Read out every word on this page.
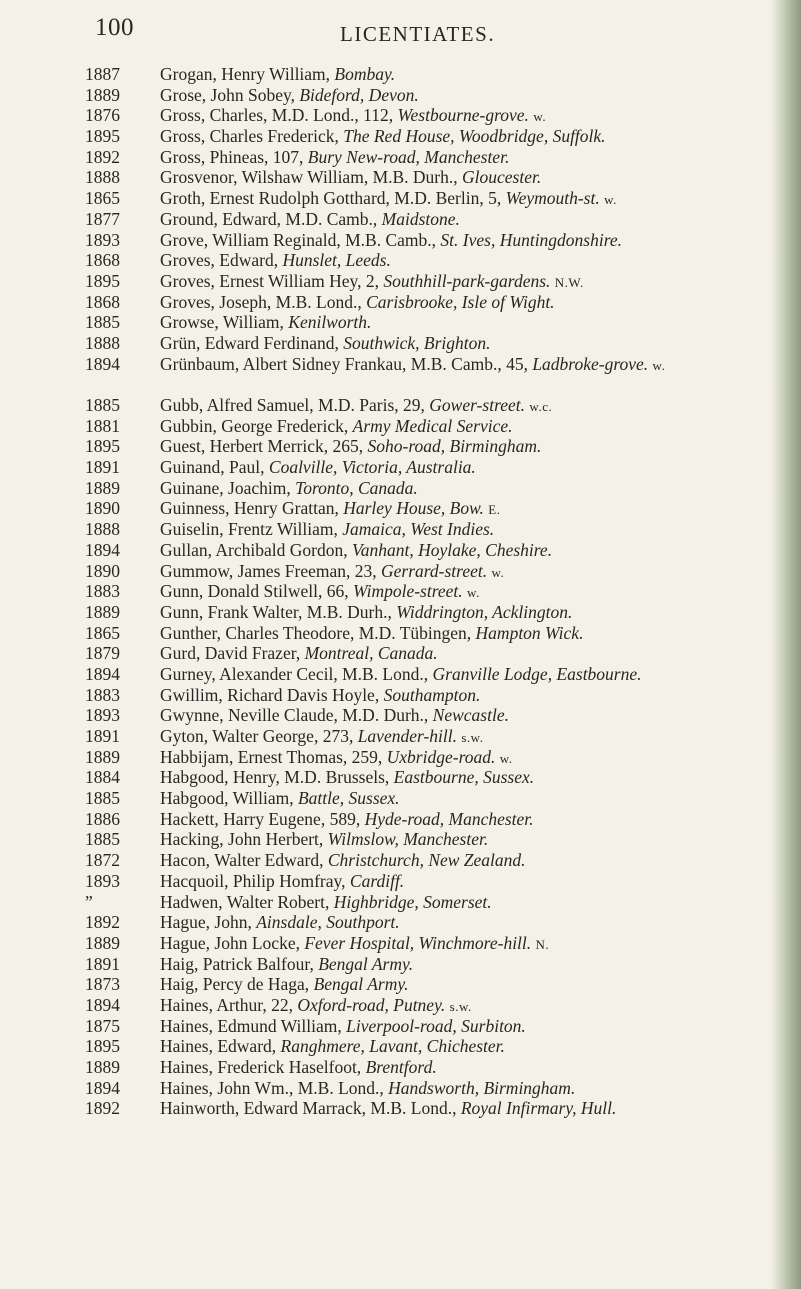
100	LICENTIATES.
1887	Grogan, Henry William, Bombay.
1889	Grose, John Sobey, Bideford, Devon.
1876	Gross, Charles, M.D. Lond., 112, Westbourne-grove. w.
1895	Gross, Charles Frederick, The Red House, Woodbridge, Suffolk.
1892	Gross, Phineas, 107, Bury New-road, Manchester.
1888	Grosvenor, Wilshaw William, M.B. Durh., Gloucester.
1865	Groth, Ernest Rudolph Gotthard, M.D. Berlin, 5, Weymouth-st. w.
1877	Ground, Edward, M.D. Camb., Maidstone.
1893	Grove, William Reginald, M.B. Camb., St. Ives, Huntingdonshire.
1868	Groves, Edward, Hunslet, Leeds.
1895	Groves, Ernest William Hey, 2, Southhill-park-gardens. N.W.
1868	Groves, Joseph, M.B. Lond., Carisbrooke, Isle of Wight.
1885	Growse, William, Kenilworth.
1888	Grün, Edward Ferdinand, Southwick, Brighton.
1894	Grünbaum, Albert Sidney Frankau, M.B. Camb., 45, Ladbroke-grove. w.
1885	Gubb, Alfred Samuel, M.D. Paris, 29, Gower-street. w.c.
1881	Gubbin, George Frederick, Army Medical Service.
1895	Guest, Herbert Merrick, 265, Soho-road, Birmingham.
1891	Guinand, Paul, Coalville, Victoria, Australia.
1889	Guinane, Joachim, Toronto, Canada.
1890	Guinness, Henry Grattan, Harley House, Bow. E.
1888	Guiselin, Frentz William, Jamaica, West Indies.
1894	Gullan, Archibald Gordon, Vanhant, Hoylake, Cheshire.
1890	Gummow, James Freeman, 23, Gerrard-street. w.
1883	Gunn, Donald Stilwell, 66, Wimpole-street. w.
1889	Gunn, Frank Walter, M.B. Durh., Widdrington, Acklington.
1865	Gunther, Charles Theodore, M.D. Tübingen, Hampton Wick.
1879	Gurd, David Frazer, Montreal, Canada.
1894	Gurney, Alexander Cecil, M.B. Lond., Granville Lodge, Eastbourne.
1883	Gwillim, Richard Davis Hoyle, Southampton.
1893	Gwynne, Neville Claude, M.D. Durh., Newcastle.
1891	Gyton, Walter George, 273, Lavender-hill. s.w.
1889	Habbijam, Ernest Thomas, 259, Uxbridge-road. w.
1884	Habgood, Henry, M.D. Brussels, Eastbourne, Sussex.
1885	Habgood, William, Battle, Sussex.
1886	Hackett, Harry Eugene, 589, Hyde-road, Manchester.
1885	Hacking, John Herbert, Wilmslow, Manchester.
1872	Hacon, Walter Edward, Christchurch, New Zealand.
1893	Hacquoil, Philip Homfray, Cardiff.
”	Hadwen, Walter Robert, Highbridge, Somerset.
1892	Hague, John, Ainsdale, Southport.
1889	Hague, John Locke, Fever Hospital, Winchmore-hill. N.
1891	Haig, Patrick Balfour, Bengal Army.
1873	Haig, Percy de Haga, Bengal Army.
1894	Haines, Arthur, 22, Oxford-road, Putney. s.w.
1875	Haines, Edmund William, Liverpool-road, Surbiton.
1895	Haines, Edward, Ranghmere, Lavant, Chichester.
1889	Haines, Frederick Haselfoot, Brentford.
1894	Haines, John Wm., M.B. Lond., Handsworth, Birmingham.
1892	Hainworth, Edward Marrack, M.B. Lond., Royal Infirmary, Hull.
